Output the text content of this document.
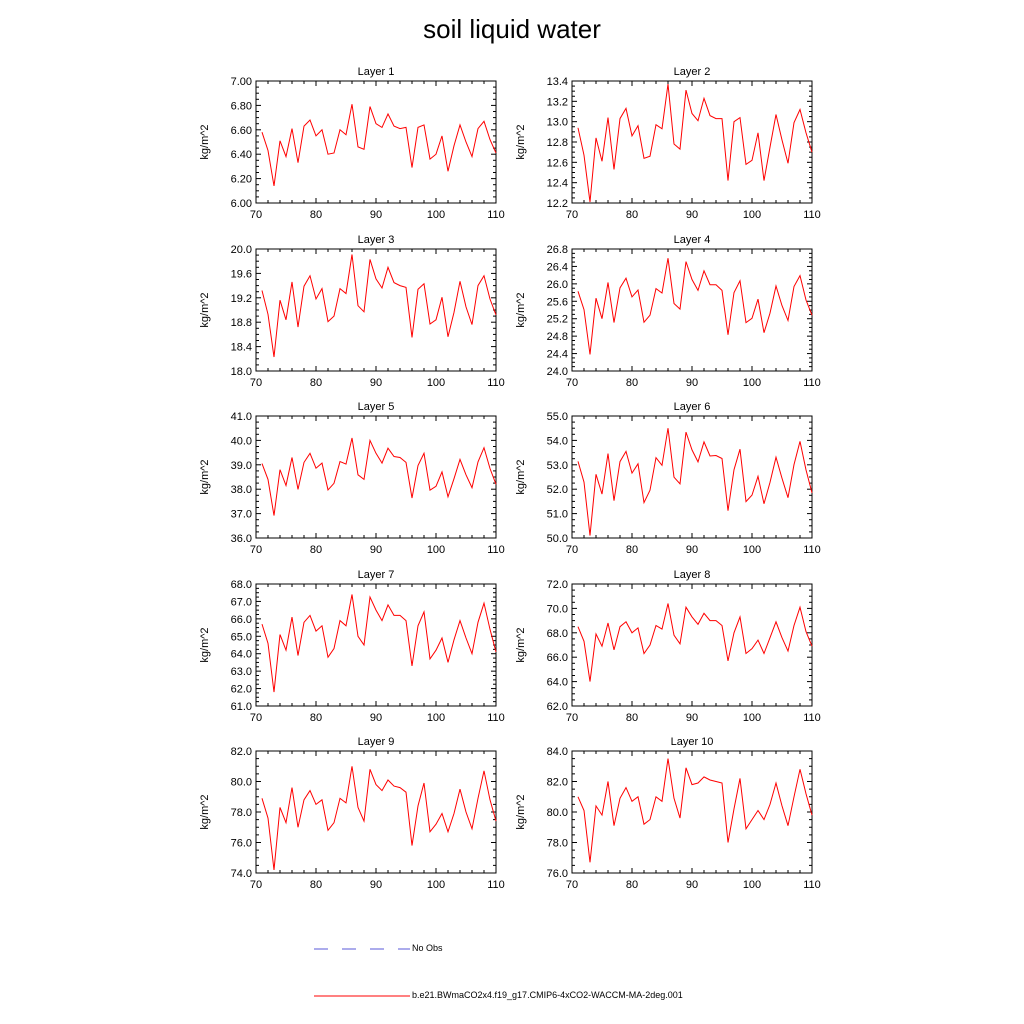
soil liquid water
Layer 1
70	80	90	100	110
6.00
6.20
6.40
6.60
6.80
7.00
kg/m^2
Layer 2
70	80	90	100	110
12.2
12.4
12.6
12.8
13.0
13.2
13.4
kg/m^2
Layer 3
70	80	90	100	110
18.0
18.4
18.8
19.2
19.6
20.0
kg/m^2
Layer 4
70	80	90	100	110
24.0
24.4
24.8
25.2
25.6
26.0
26.4
26.8
kg/m^2
Layer 5
70	80	90	100	110
36.0
37.0
38.0
39.0
40.0
41.0
kg/m^2
Layer 6
70	80	90	100	110
50.0
51.0
52.0
53.0
54.0
55.0
kg/m^2
Layer 7
70	80	90	100	110
61.0
62.0
63.0
64.0
65.0
66.0
67.0
68.0
kg/m^2
Layer 8
70	80	90	100	110
62.0
64.0
66.0
68.0
70.0
72.0
kg/m^2
Layer 9
70	80	90	100	110
74.0
76.0
78.0
80.0
82.0
kg/m^2
Layer 10
70	80	90	100	110
76.0
78.0
80.0
82.0
84.0
kg/m^2
No Obs
b.e21.BWmaCO2x4.f19_g17.CMIP6-4xCO2-WACCM-MA-2deg.001
